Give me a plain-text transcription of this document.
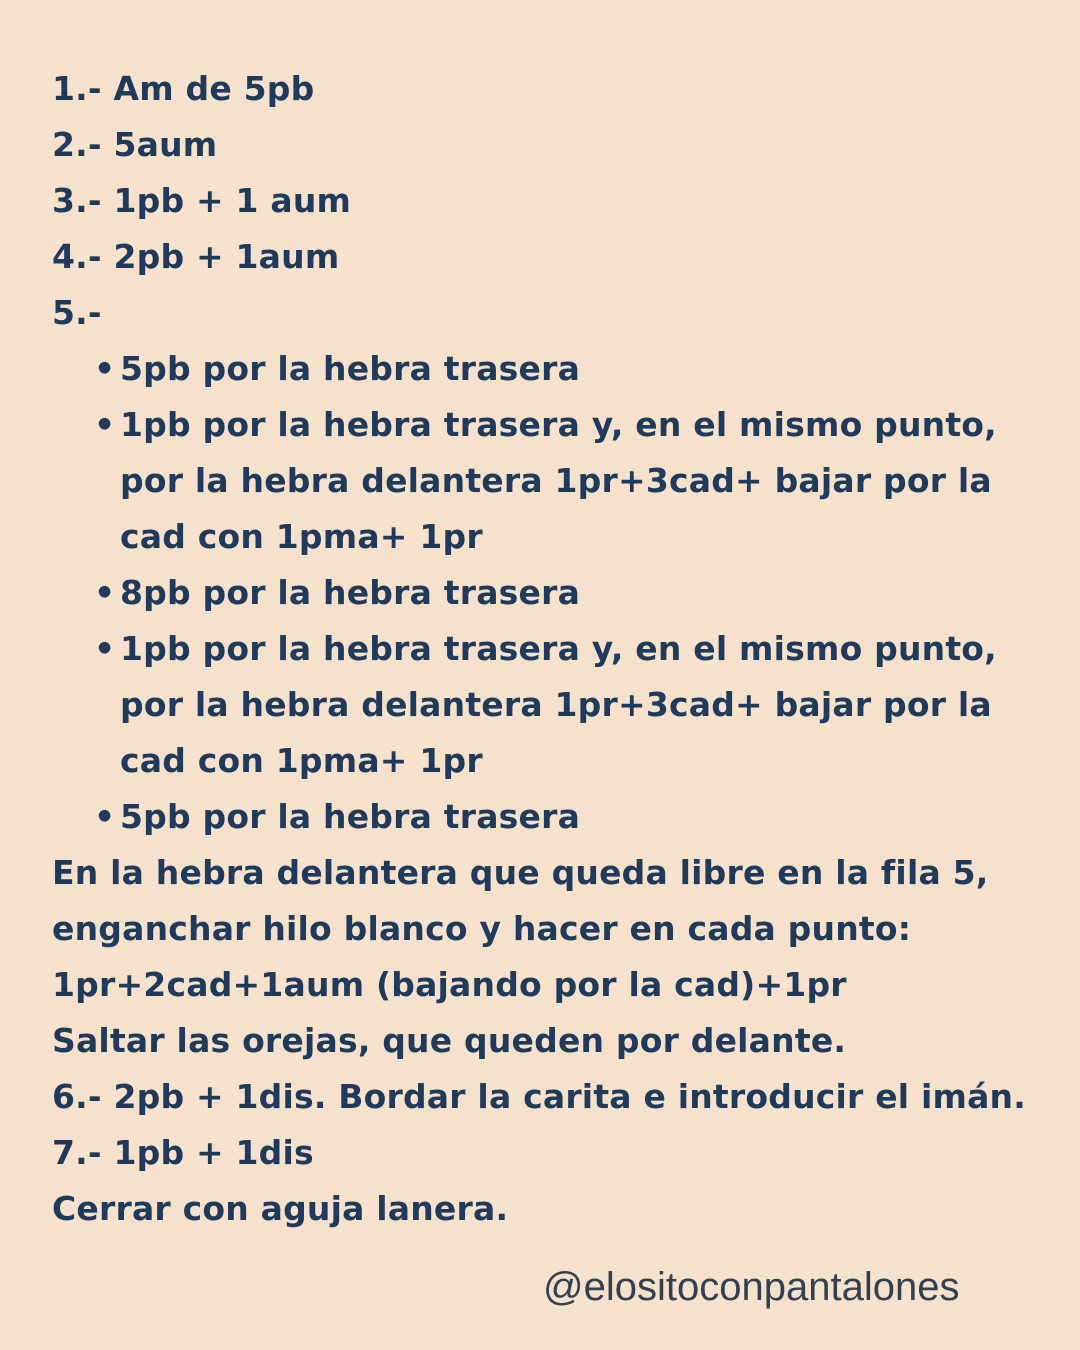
1.- Am de 5pb
2.- 5aum
3.- 1pb + 1 aum
4.- 2pb + 1aum
5.-
• 5pb por la hebra trasera
• 1pb por la hebra trasera y, en el mismo punto, por la hebra delantera 1pr+3cad+ bajar por la cad con 1pma+ 1pr
• 8pb por la hebra trasera
• 1pb por la hebra trasera y, en el mismo punto, por la hebra delantera 1pr+3cad+ bajar por la cad con 1pma+ 1pr
• 5pb por la hebra trasera
En la hebra delantera que queda libre en la fila 5,
enganchar hilo blanco y hacer en cada punto:
1pr+2cad+1aum (bajando por la cad)+1pr
Saltar las orejas, que queden por delante.
6.- 2pb + 1dis. Bordar la carita e introducir el imán.
7.- 1pb + 1dis
Cerrar con aguja lanera.
@elositoconpantalones
